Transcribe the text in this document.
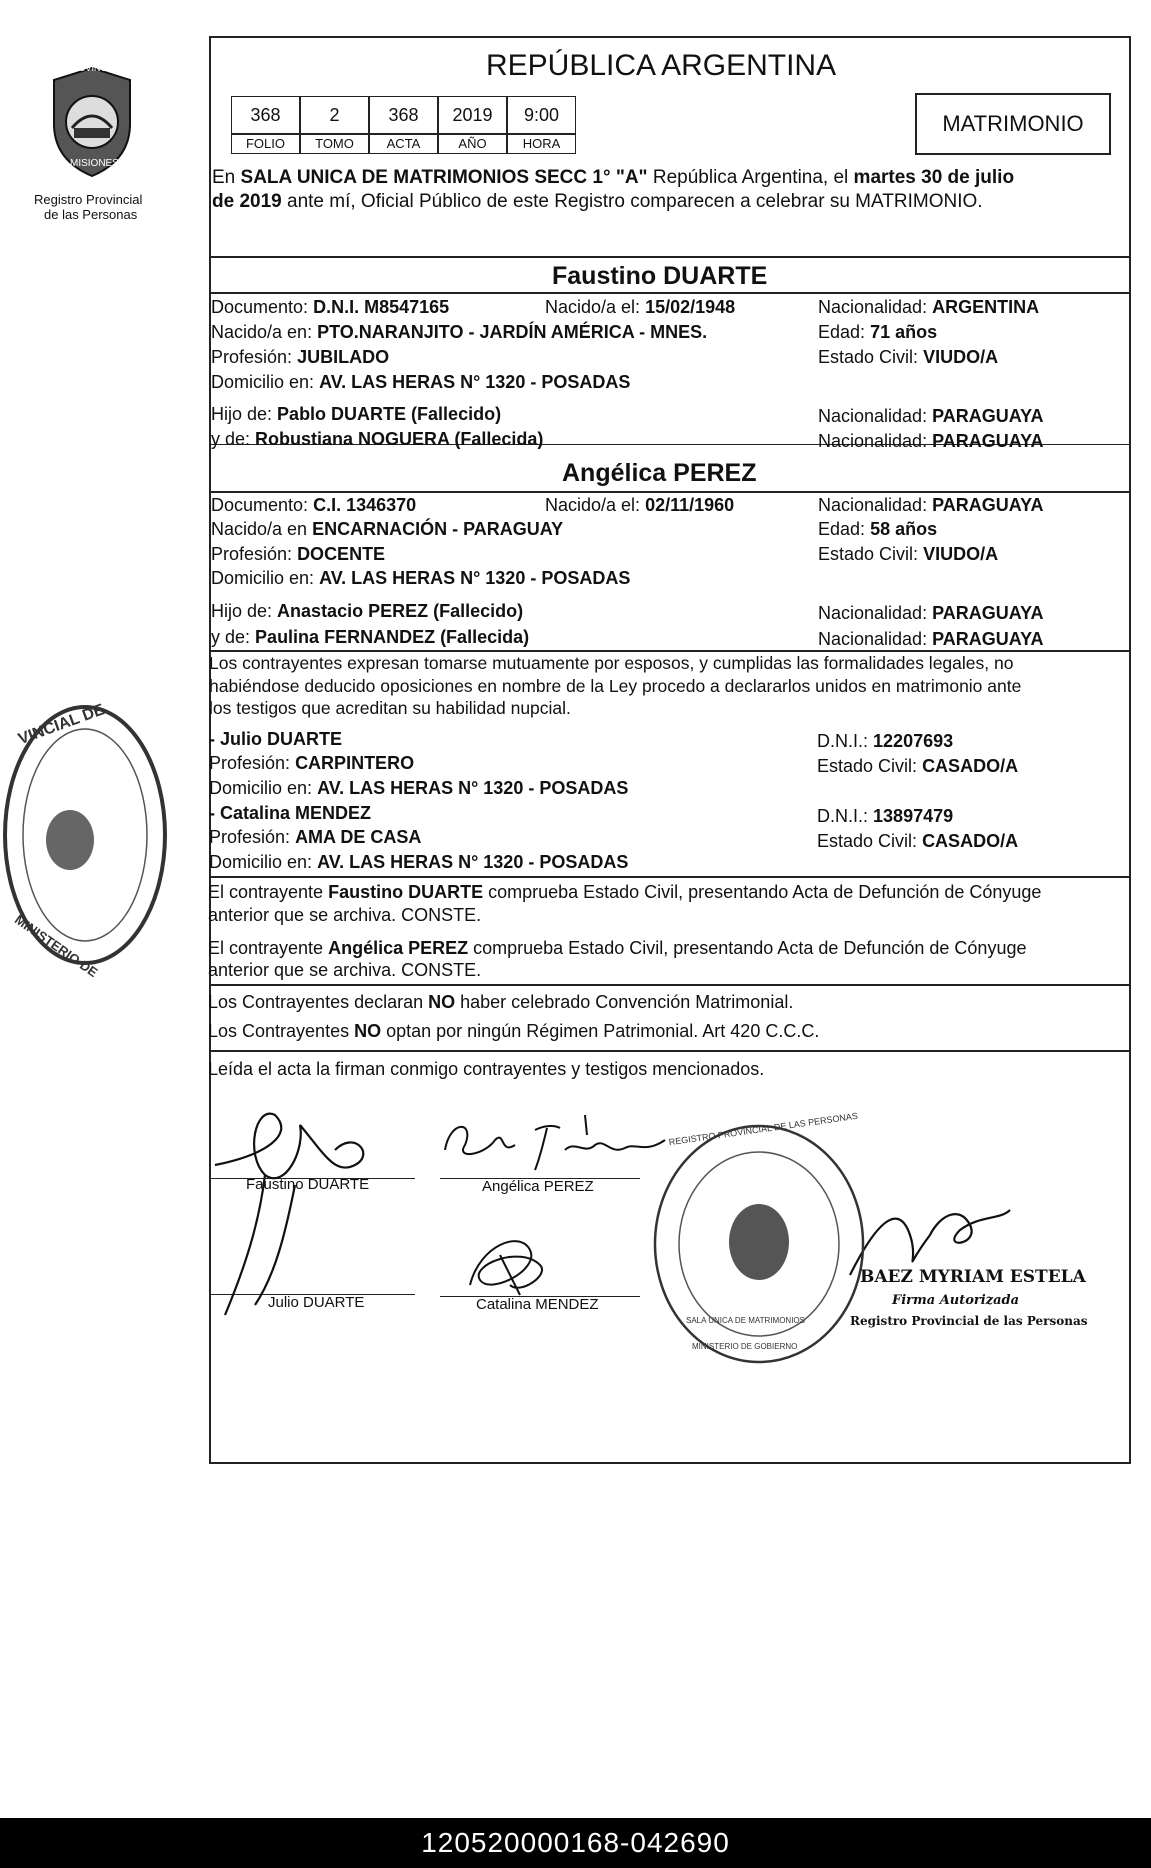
PROVINCIA DE
MISIONES
Registro Provincial
de las Personas
VINCIAL DE
MINISTERIO DE
REPÚBLICA ARGENTINA
368	2	368	2019	9:00
FOLIO	TOMO	ACTA	AÑO	HORA
MATRIMONIO
En SALA UNICA DE MATRIMONIOS SECC 1° "A" República Argentina, el martes 30 de julio
de 2019 ante mí, Oficial Público de este Registro comparecen a celebrar su MATRIMONIO.
Faustino DUARTE
Documento: D.N.I. M8547165	Nacido/a el: 15/02/1948	Nacionalidad: ARGENTINA
Nacido/a en: PTO.NARANJITO - JARDÍN AMÉRICA - MNES.	Edad: 71 años
Profesión: JUBILADO	Estado Civil: VIUDO/A
Domicilio en: AV. LAS HERAS N° 1320 - POSADAS
Hijo de: Pablo DUARTE (Fallecido)	Nacionalidad: PARAGUAYA
y de: Robustiana NOGUERA (Fallecida)	Nacionalidad: PARAGUAYA
Angélica PEREZ
Documento: C.I. 1346370	Nacido/a el: 02/11/1960	Nacionalidad: PARAGUAYA
Nacido/a en ENCARNACIÓN - PARAGUAY	Edad: 58 años
Profesión: DOCENTE	Estado Civil: VIUDO/A
Domicilio en: AV. LAS HERAS N° 1320 - POSADAS
Hijo de: Anastacio PEREZ (Fallecido)	Nacionalidad: PARAGUAYA
y de: Paulina FERNANDEZ (Fallecida)	Nacionalidad: PARAGUAYA
Los contrayentes expresan tomarse mutuamente por esposos, y cumplidas las formalidades legales, no
habiéndose deducido oposiciones en nombre de la Ley procedo a declararlos unidos en matrimonio ante
los testigos que acreditan su habilidad nupcial.
- Julio DUARTE	D.N.I.: 12207693
Profesión: CARPINTERO	Estado Civil: CASADO/A
Domicilio en: AV. LAS HERAS N° 1320 - POSADAS
- Catalina MENDEZ	D.N.I.: 13897479
Profesión: AMA DE CASA	Estado Civil: CASADO/A
Domicilio en: AV. LAS HERAS N° 1320 - POSADAS
El contrayente Faustino DUARTE comprueba Estado Civil, presentando Acta de Defunción de Cónyuge
anterior que se archiva. CONSTE.
El contrayente Angélica PEREZ comprueba Estado Civil, presentando Acta de Defunción de Cónyuge
anterior que se archiva. CONSTE.
Los Contrayentes declaran NO haber celebrado Convención Matrimonial.
Los Contrayentes NO optan por ningún Régimen Patrimonial. Art 420 C.C.C.
Leída el acta la firman conmigo contrayentes y testigos mencionados.
Faustino DUARTE	Angélica PEREZ
Julio DUARTE	Catalina MENDEZ
REGISTRO PROVINCIAL DE LAS PERSONAS
SALA UNICA DE MATRIMONIOS
MINISTERIO DE GOBIERNO
BAEZ MYRIAM ESTELA
Firma Autorizada
Registro Provincial de las Personas
120520000168-042690
